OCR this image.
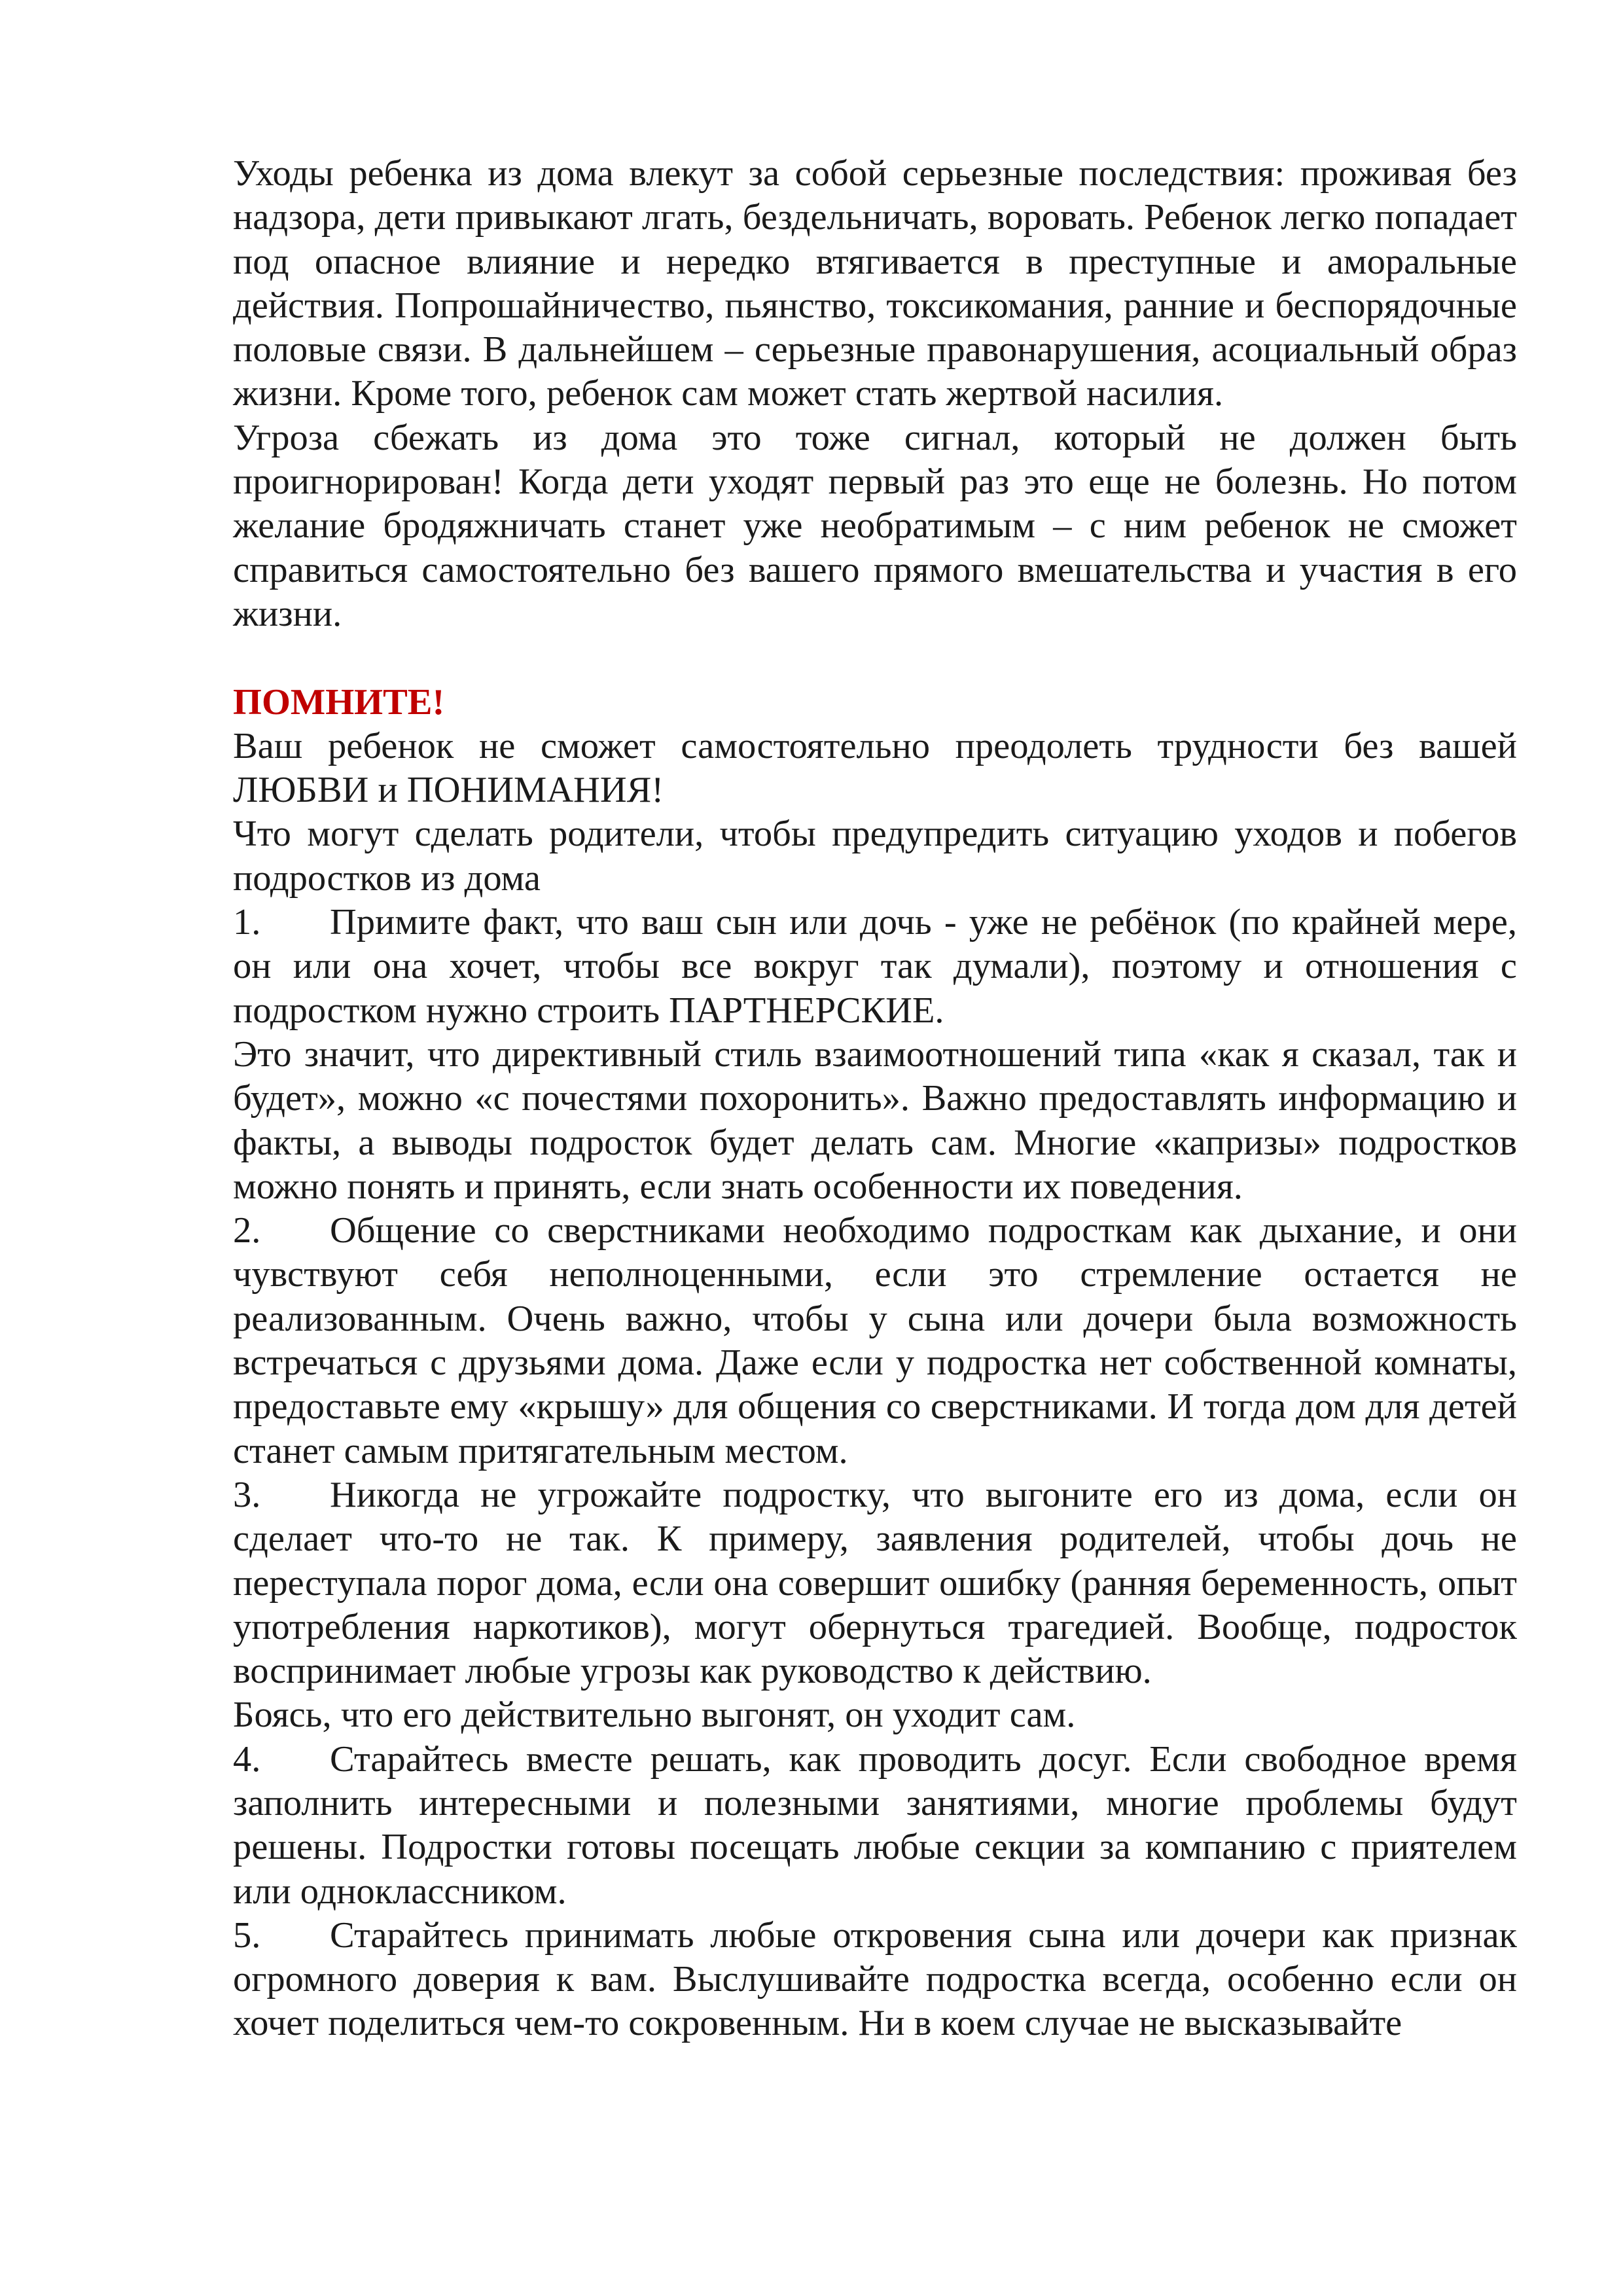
Уходы ребенка из дома влекут за собой серьезные последствия: проживая без надзора, дети привыкают лгать, бездельничать, воровать. Ребенок легко попадает под опасное влияние и нередко втягивается в преступные и аморальные действия. Попрошайничество, пьянство, токсикомания, ранние и беспорядочные половые связи. В дальнейшем – серьезные правонарушения, асоциальный образ жизни. Кроме того, ребенок сам может стать жертвой насилия.

Угроза сбежать из дома это тоже сигнал, который не должен быть проигнорирован! Когда дети уходят первый раз это еще не болезнь. Но потом желание бродяжничать станет уже необратимым – с ним ребенок не сможет справиться самостоятельно без вашего прямого вмешательства и участия в его жизни.

ПОМНИТЕ!

Ваш ребенок не сможет самостоятельно преодолеть трудности без вашей ЛЮБВИ и ПОНИМАНИЯ!

Что могут сделать родители, чтобы предупредить ситуацию уходов и побегов подростков из дома

1. Примите факт, что ваш сын или дочь - уже не ребёнок (по крайней мере, он или она хочет, чтобы все вокруг так думали), поэтому и отношения с подростком нужно строить ПАРТНЕРСКИЕ.

Это значит, что директивный стиль взаимоотношений типа «как я сказал, так и будет», можно «с почестями похоронить». Важно предоставлять информацию и факты, а выводы подросток будет делать сам. Многие «капризы» подростков можно понять и принять, если знать особенности их поведения.

2. Общение со сверстниками необходимо подросткам как дыхание, и они чувствуют себя неполноценными, если это стремление остается не реализованным. Очень важно, чтобы у сына или дочери была возможность встречаться с друзьями дома. Даже если у подростка нет собственной комнаты, предоставьте ему «крышу» для общения со сверстниками. И тогда дом для детей станет самым притягательным местом.

3. Никогда не угрожайте подростку, что выгоните его из дома, если он сделает что-то не так. К примеру, заявления родителей, чтобы дочь не переступала порог дома, если она совершит ошибку (ранняя беременность, опыт употребления наркотиков), могут обернуться трагедией. Вообще, подросток воспринимает любые угрозы как руководство к действию.

Боясь, что его действительно выгонят, он уходит сам.

4. Старайтесь вместе решать, как проводить досуг. Если свободное время заполнить интересными и полезными занятиями, многие проблемы будут решены. Подростки готовы посещать любые секции за компанию с приятелем или одноклассником.

5. Старайтесь принимать любые откровения сына или дочери как признак огромного доверия к вам. Выслушивайте подростка всегда, особенно если он хочет поделиться чем-то сокровенным. Ни в коем случае не высказывайте
